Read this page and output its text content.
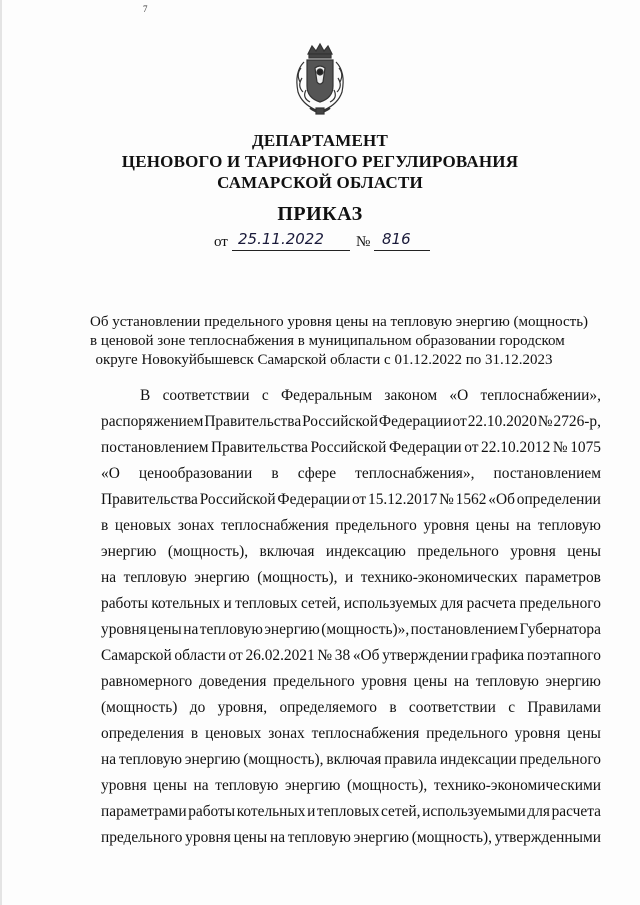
7
ДЕПАРТАМЕНТ
ЦЕНОВОГО И ТАРИФНОГО РЕГУЛИРОВАНИЯ
САМАРСКОЙ ОБЛАСТИ
ПРИКАЗ
от 25.11.2022 № 816
Об установлении предельного уровня цены на тепловую энергию (мощность)
в ценовой зоне теплоснабжения в муниципальном образовании городском
округе Новокуйбышевск Самарской области с 01.12.2022 по 31.12.2023
В соответствии с Федеральным законом «О теплоснабжении»,
распоряжением Правительства Российской Федерации от 22.10.2020 № 2726-р,
постановлением Правительства Российской Федерации от 22.10.2012 № 1075
«О ценообразовании в сфере теплоснабжения», постановлением
Правительства Российской Федерации от 15.12.2017 № 1562 «Об определении
в ценовых зонах теплоснабжения предельного уровня цены на тепловую
энергию (мощность), включая индексацию предельного уровня цены
на тепловую энергию (мощность), и технико-экономических параметров
работы котельных и тепловых сетей, используемых для расчета предельного
уровня цены на тепловую энергию (мощность)», постановлением Губернатора
Самарской области от 26.02.2021 № 38 «Об утверждении графика поэтапного
равномерного доведения предельного уровня цены на тепловую энергию
(мощность) до уровня, определяемого в соответствии с Правилами
определения в ценовых зонах теплоснабжения предельного уровня цены
на тепловую энергию (мощность), включая правила индексации предельного
уровня цены на тепловую энергию (мощность), технико-экономическими
параметрами работы котельных и тепловых сетей, используемыми для расчета
предельного уровня цены на тепловую энергию (мощность), утвержденными
